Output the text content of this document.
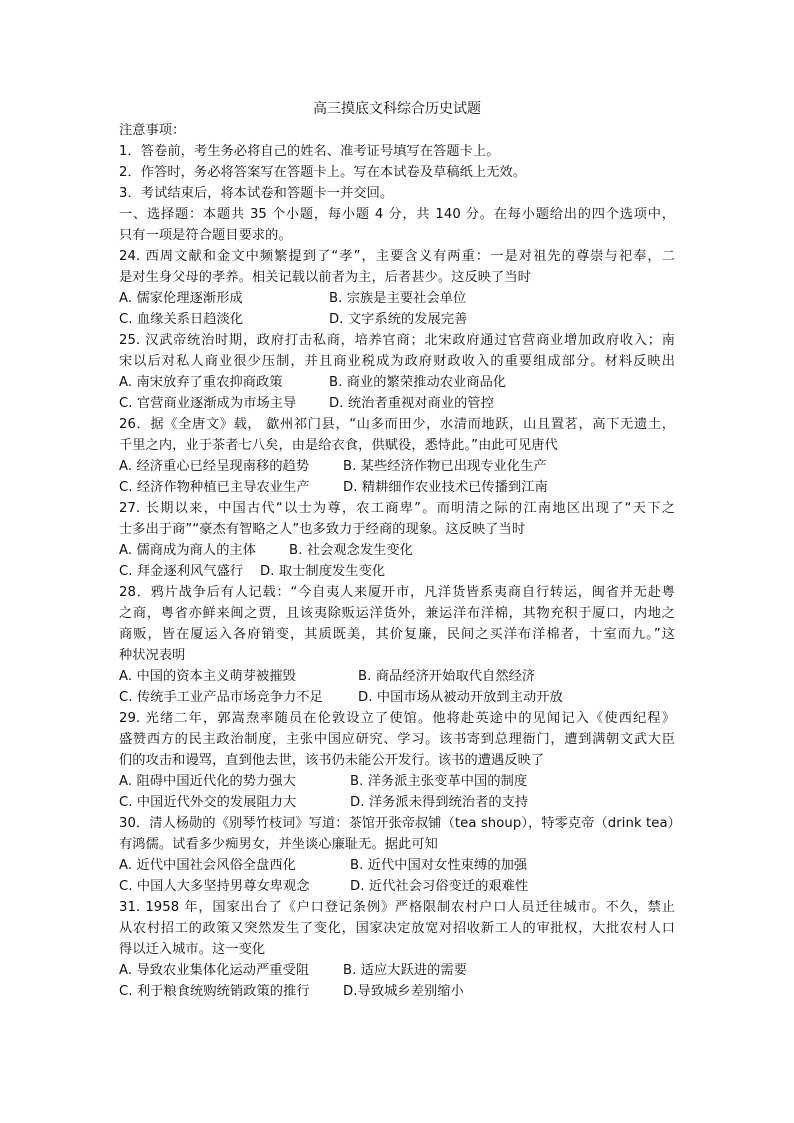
高三摸底文科综合历史试题
注意事项：
1．答卷前，考生务必将自己的姓名、准考证号填写在答题卡上。
2．作答时，务必将答案写在答题卡上。写在本试卷及草稿纸上无效。
3．考试结束后，将本试卷和答题卡一并交回。
一、选择题：本题共 35 个小题，每小题 4 分，共 140 分。在每小题给出的四个选项中，
只有一项是符合题目要求的。
24. 西周文献和金文中频繁提到了“孝”，主要含义有两重：一是对祖先的尊崇与祀奉，二
是对生身父母的孝养。相关记载以前者为主，后者甚少。这反映了当时
A. 儒家伦理逐渐形成	B. 宗族是主要社会单位
C. 血缘关系日趋淡化	D. 文字系统的发展完善
25. 汉武帝统治时期，政府打击私商，培养官商；北宋政府通过官营商业增加政府收入；南
宋以后对私人商业很少压制，并且商业税成为政府财政收入的重要组成部分。材料反映出
A. 南宋放弃了重农抑商政策	B. 商业的繁荣推动农业商品化
C. 官营商业逐渐成为市场主导 D. 统治者重视对商业的管控
26．据《全唐文》载， 歙州祁门县，“山多而田少，水清而地跃，山且置茗，高下无遗土，
千里之内，业于茶者七八矣，由是给衣食，供赋役，悉恃此。”由此可见唐代
A. 经济重心已经呈现南移的趋势	B. 某些经济作物已出现专业化生产
C. 经济作物种植已主导农业生产	D. 精耕细作农业技术已传播到江南
27. 长期以来，中国古代“以士为尊，农工商卑”。而明清之际的江南地区出现了“天下之
士多出于商”“豪杰有智略之人”也多致力于经商的现象。这反映了当时
A. 儒商成为商人的主体 B. 社会观念发生变化
C. 拜金逐利风气盛行 D. 取士制度发生变化
28．鸦片战争后有人记载：“今自夷人来厦开市，凡洋货皆系夷商自行转运，闽省并无赴粤
之商，粤省亦鲜来闽之贾，且该夷除贩运洋货外，兼运洋布洋棉，其物充积于厦口，内地之
商贩，皆在厦运入各府销变，其质既美，其价复廉，民间之买洋布洋棉者，十室而九。”这
种状况表明
A. 中国的资本主义萌芽被摧毁	B. 商品经济开始取代自然经济
C. 传统手工业产品市场竞争力不足	D. 中国市场从被动开放到主动开放
29. 光绪二年，郭嵩焘率随员在伦敦设立了使馆。他将赴英途中的见闻记入《使西纪程》
盛赞西方的民主政治制度，主张中国应研究、学习。该书寄到总理衙门，遭到满朝文武大臣
们的攻击和谩骂，直到他去世，该书仍未能公开发行。该书的遭遇反映了
A. 阻碍中国近代化的势力强大	B. 洋务派主张变革中国的制度
C. 中国近代外交的发展阻力大	D. 洋务派未得到统治者的支持
30．清人杨勋的《别琴竹枝词》写道：茶馆开张帝叔铺（tea shoup），特零克帝（drink tea）
有鸿儒。试看多少痴男女，并坐谈心廉耻无。据此可知
A. 近代中国社会风俗全盘西化	B. 近代中国对女性束缚的加强
C. 中国人大多坚持男尊女卑观念	D. 近代社会习俗变迁的艰难性
31. 1958 年，国家出台了《户口登记条例》严格限制农村户口人员迁往城市。不久，禁止
从农村招工的政策又突然发生了变化，国家决定放宽对招收新工人的审批权，大批农村人口
得以迁入城市。这一变化
A. 导致农业集体化运动严重受阻	B. 适应大跃进的需要
C. 利于粮食统购统销政策的推行	D.导致城乡差别缩小
